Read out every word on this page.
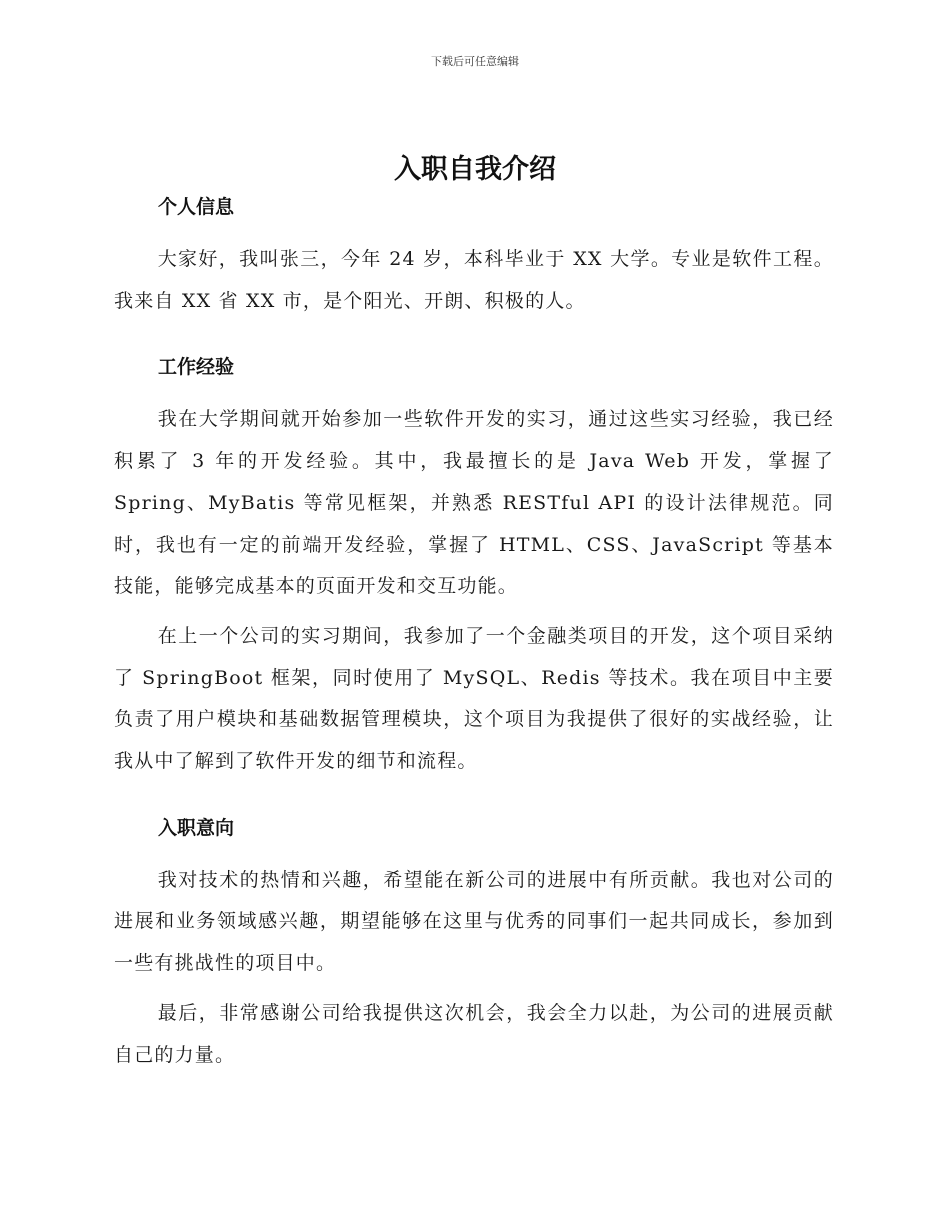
下载后可任意编辑
入职自我介绍
个人信息

大家好，我叫张三，今年 24 岁，本科毕业于 XX 大学。专业是软件工程。我来自 XX 省 XX 市，是个阳光、开朗、积极的人。

工作经验

我在大学期间就开始参加一些软件开发的实习，通过这些实习经验，我已经积累了 3 年的开发经验。其中，我最擅长的是 Java Web 开发，掌握了 Spring、MyBatis 等常见框架，并熟悉 RESTful API 的设计法律规范。同时，我也有一定的前端开发经验，掌握了 HTML、CSS、JavaScript 等基本技能，能够完成基本的页面开发和交互功能。

在上一个公司的实习期间，我参加了一个金融类项目的开发，这个项目采纳了 SpringBoot 框架，同时使用了 MySQL、Redis 等技术。我在项目中主要负责了用户模块和基础数据管理模块，这个项目为我提供了很好的实战经验，让我从中了解到了软件开发的细节和流程。

入职意向

我对技术的热情和兴趣，希望能在新公司的进展中有所贡献。我也对公司的进展和业务领域感兴趣，期望能够在这里与优秀的同事们一起共同成长，参加到一些有挑战性的项目中。

最后，非常感谢公司给我提供这次机会，我会全力以赴，为公司的进展贡献自己的力量。
